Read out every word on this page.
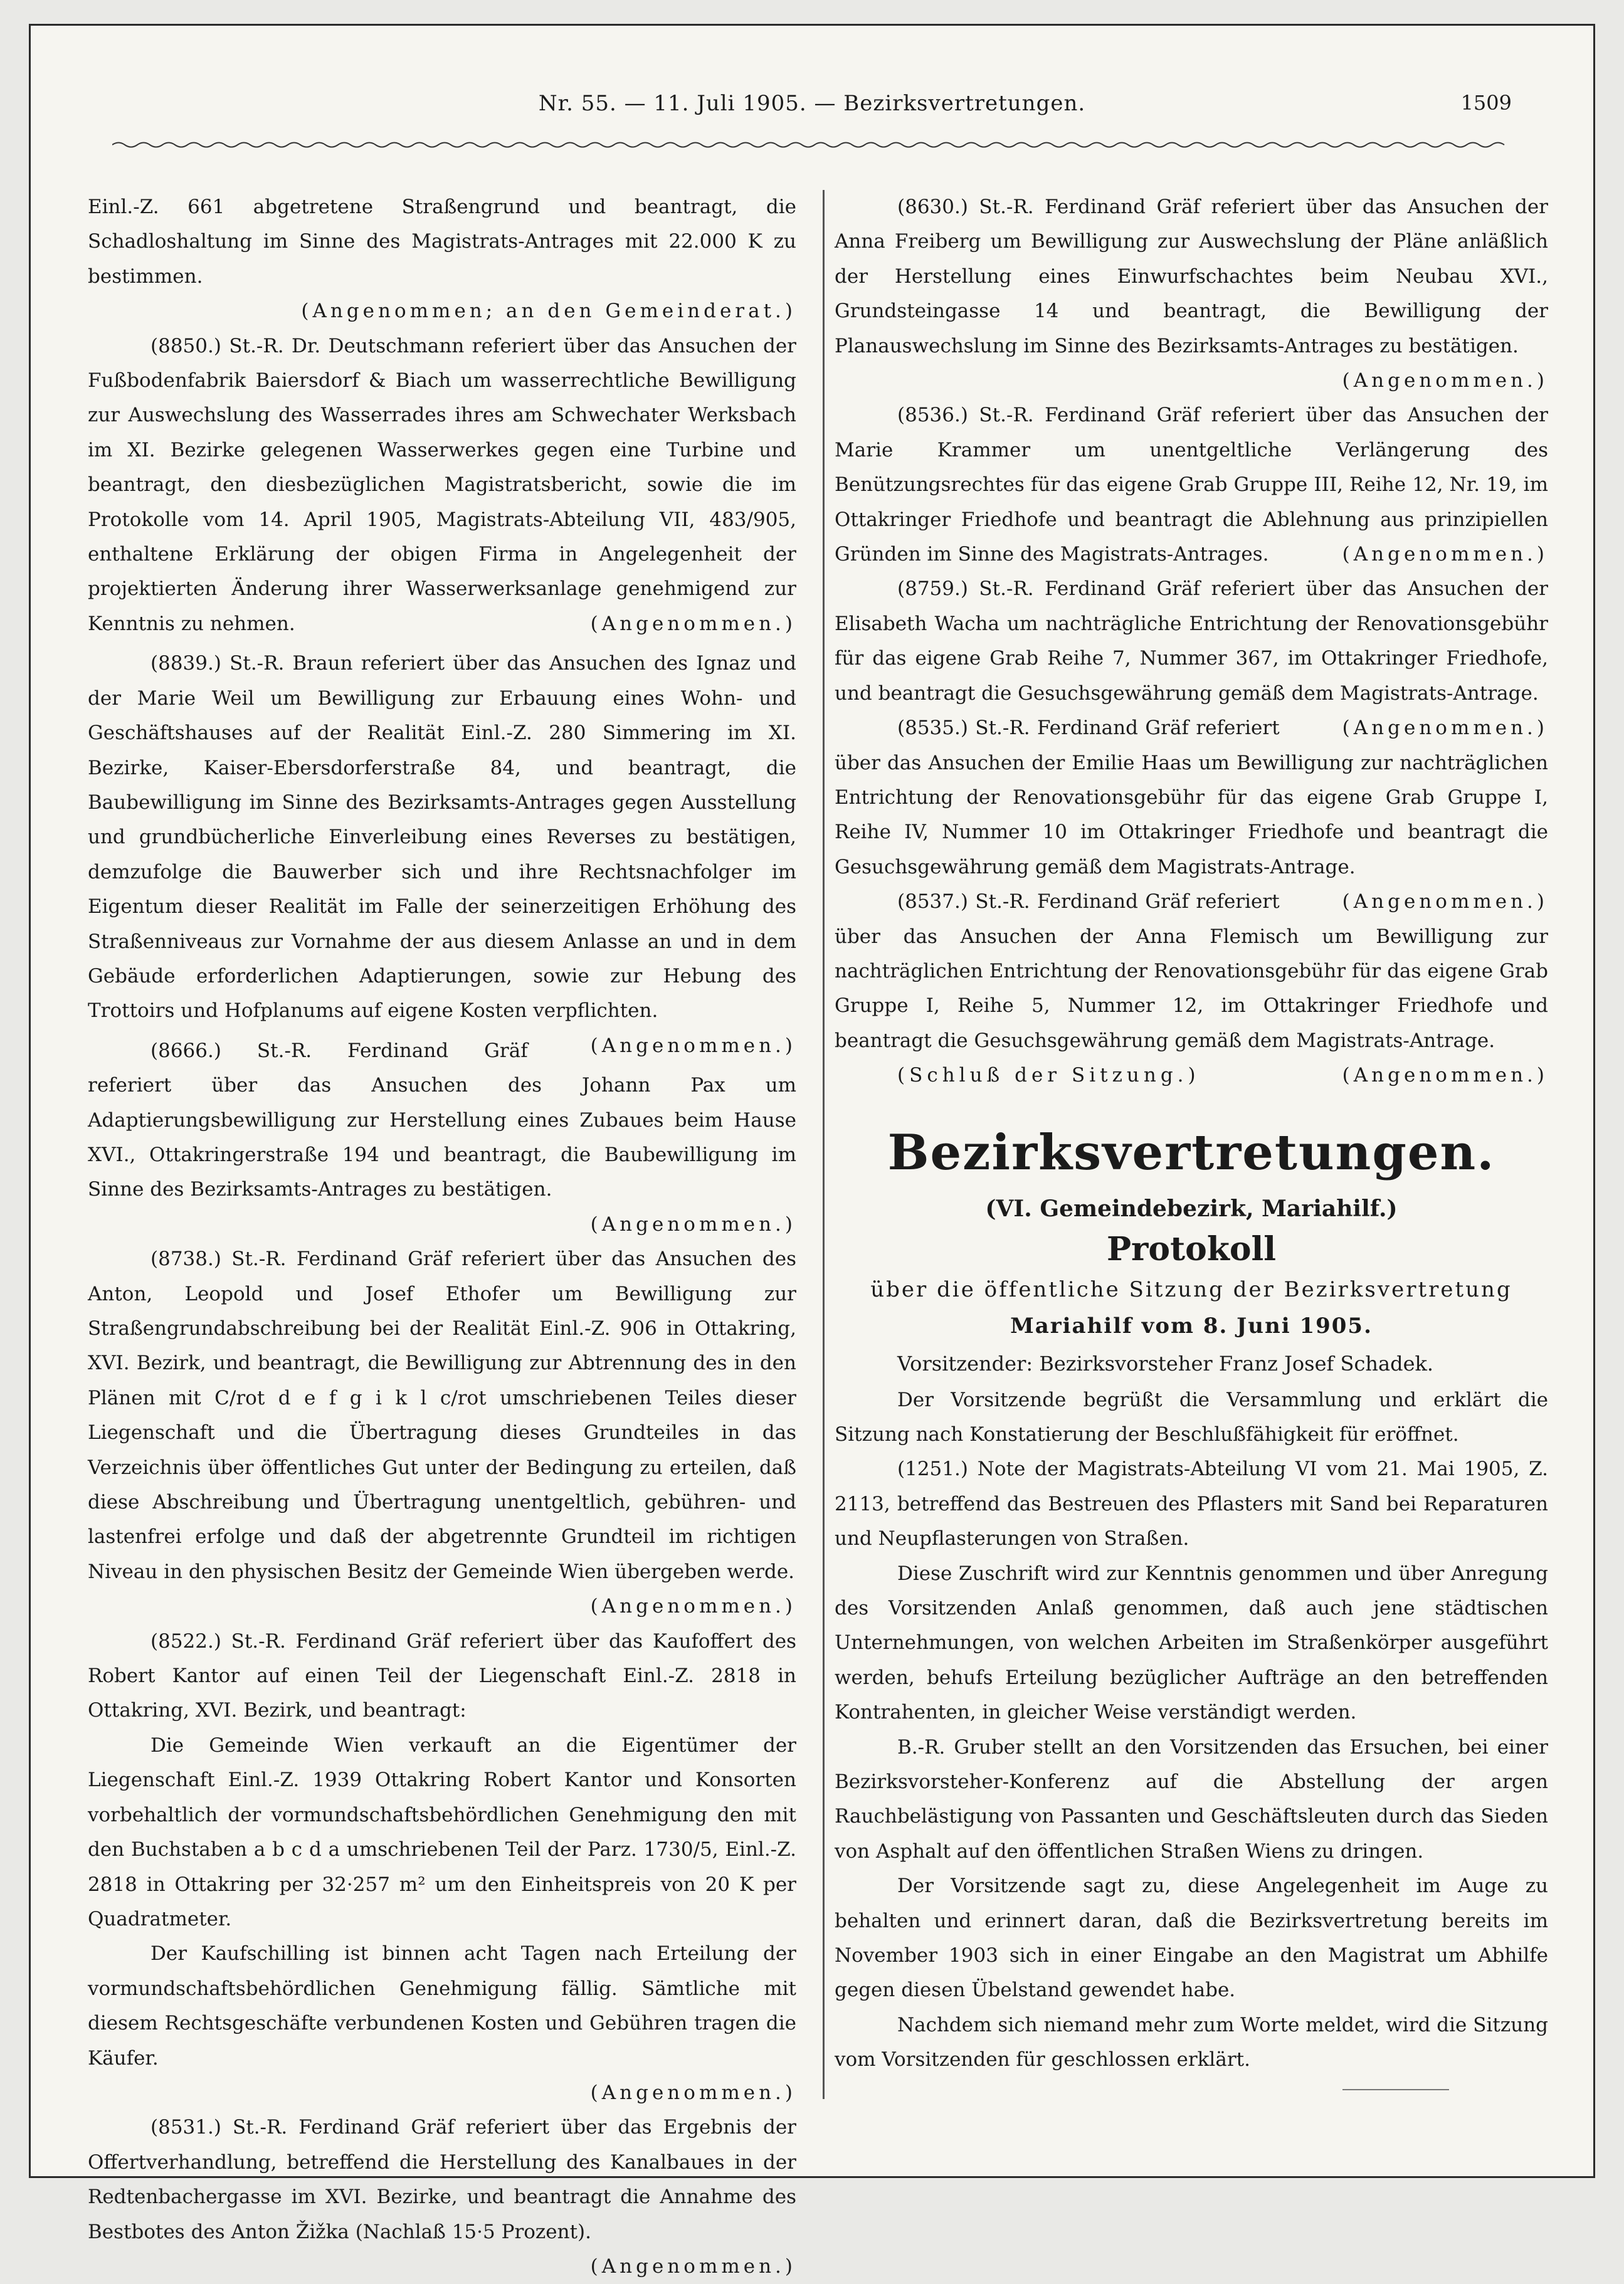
Nr. 55. — 11. Juli 1905. — Bezirksvertretungen.	1509

Einl.-Z. 661 abgetretene Straßengrund und beantragt, die Schadloshaltung im Sinne des Magistrats-Antrages mit 22.000 K zu bestimmen.

(Angenommen; an den Gemeinderat.)

(8850.) St.-R. Dr. Deutschmann referiert über das Ansuchen der Fußbodenfabrik Baiersdorf & Biach um wasserrechtliche Bewilligung zur Auswechslung des Wasserrades ihres am Schwechater Werksbach im XI. Bezirke gelegenen Wasserwerkes gegen eine Turbine und beantragt, den diesbezüglichen Magistratsbericht, sowie die im Protokolle vom 14. April 1905, Magistrats-Abteilung VII, 483/905, enthaltene Erklärung der obigen Firma in Angelegenheit der projektierten Änderung ihrer Wasserwerksanlage genehmigend zur Kenntnis zu nehmen.	(Angenommen.)

(8839.) St.-R. Braun referiert über das Ansuchen des Ignaz und der Marie Weil um Bewilligung zur Erbauung eines Wohn- und Geschäftshauses auf der Realität Einl.-Z. 280 Simmering im XI. Bezirke, Kaiser-Ebersdorferstraße 84, und beantragt, die Baubewilligung im Sinne des Bezirksamts-Antrages gegen Ausstellung und grundbücherliche Einverleibung eines Reverses zu bestätigen, demzufolge die Bauwerber sich und ihre Rechtsnachfolger im Eigentum dieser Realität im Falle der seinerzeitigen Erhöhung des Straßenniveaus zur Vornahme der aus diesem Anlasse an und in dem Gebäude erforderlichen Adaptierungen, sowie zur Hebung des Trottoirs und Hofplanums auf eigene Kosten verpflichten.
(Angenommen.)

(8666.) St.-R. Ferdinand Gräf referiert über das Ansuchen des Johann Pax um Adaptierungsbewilligung zur Herstellung eines Zubaues beim Hause XVI., Ottakringerstraße 194 und beantragt, die Baubewilligung im Sinne des Bezirksamts-Antrages zu bestätigen.

(Angenommen.)

(8738.) St.-R. Ferdinand Gräf referiert über das Ansuchen des Anton, Leopold und Josef Ethofer um Bewilligung zur Straßengrundabschreibung bei der Realität Einl.-Z. 906 in Ottakring, XVI. Bezirk, und beantragt, die Bewilligung zur Abtrennung des in den Plänen mit C/rot d e f g i k l c/rot umschriebenen Teiles dieser Liegenschaft und die Übertragung dieses Grundteiles in das Verzeichnis über öffentliches Gut unter der Bedingung zu erteilen, daß diese Abschreibung und Übertragung unentgeltlich, gebühren- und lastenfrei erfolge und daß der abgetrennte Grundteil im richtigen Niveau in den physischen Besitz der Gemeinde Wien übergeben werde.

(Angenommen.)

(8522.) St.-R. Ferdinand Gräf referiert über das Kaufoffert des Robert Kantor auf einen Teil der Liegenschaft Einl.-Z. 2818 in Ottakring, XVI. Bezirk, und beantragt:

Die Gemeinde Wien verkauft an die Eigentümer der Liegenschaft Einl.-Z. 1939 Ottakring Robert Kantor und Konsorten vorbehaltlich der vormundschaftsbehördlichen Genehmigung den mit den Buchstaben a b c d a umschriebenen Teil der Parz. 1730/5, Einl.-Z. 2818 in Ottakring per 32·257 m² um den Einheitspreis von 20 K per Quadratmeter.

Der Kaufschilling ist binnen acht Tagen nach Erteilung der vormundschaftsbehördlichen Genehmigung fällig. Sämtliche mit diesem Rechtsgeschäfte verbundenen Kosten und Gebühren tragen die Käufer.

(Angenommen.)

(8531.) St.-R. Ferdinand Gräf referiert über das Ergebnis der Offertverhandlung, betreffend die Herstellung des Kanalbaues in der Redtenbachergasse im XVI. Bezirke, und beantragt die Annahme des Bestbotes des Anton Žižka (Nachlaß 15·5 Prozent).

(Angenommen.)

(8630.) St.-R. Ferdinand Gräf referiert über das Ansuchen der Anna Freiberg um Bewilligung zur Auswechslung der Pläne anläßlich der Herstellung eines Einwurfschachtes beim Neubau XVI., Grundsteingasse 14 und beantragt, die Bewilligung der Planauswechslung im Sinne des Bezirksamts-Antrages zu bestätigen.

(Angenommen.)

(8536.) St.-R. Ferdinand Gräf referiert über das Ansuchen der Marie Krammer um unentgeltliche Verlängerung des Benützungsrechtes für das eigene Grab Gruppe III, Reihe 12, Nr. 19, im Ottakringer Friedhofe und beantragt die Ablehnung aus prinzipiellen Gründen im Sinne des Magistrats-Antrages.	(Angenommen.)

(8759.) St.-R. Ferdinand Gräf referiert über das Ansuchen der Elisabeth Wacha um nachträgliche Entrichtung der Renovationsgebühr für das eigene Grab Reihe 7, Nummer 367, im Ottakringer Friedhofe, und beantragt die Gesuchsgewährung gemäß dem Magistrats-Antrage.
(Angenommen.)

(8535.) St.-R. Ferdinand Gräf referiert über das Ansuchen der Emilie Haas um Bewilligung zur nachträglichen Entrichtung der Renovationsgebühr für das eigene Grab Gruppe I, Reihe IV, Nummer 10 im Ottakringer Friedhofe und beantragt die Gesuchsgewährung gemäß dem Magistrats-Antrage.
(Angenommen.)

(8537.) St.-R. Ferdinand Gräf referiert über das Ansuchen der Anna Flemisch um Bewilligung zur nachträglichen Entrichtung der Renovationsgebühr für das eigene Grab Gruppe I, Reihe 5, Nummer 12, im Ottakringer Friedhofe und beantragt die Gesuchsgewährung gemäß dem Magistrats-Antrage.
(Angenommen.)

(Schluß der Sitzung.)

Bezirksvertretungen.
(VI. Gemeindebezirk, Mariahilf.)
Protokoll
über die öffentliche Sitzung der Bezirksvertretung
Mariahilf vom 8. Juni 1905.

Vorsitzender: Bezirksvorsteher Franz Josef Schadek.

Der Vorsitzende begrüßt die Versammlung und erklärt die Sitzung nach Konstatierung der Beschlußfähigkeit für eröffnet.

(1251.) Note der Magistrats-Abteilung VI vom 21. Mai 1905, Z. 2113, betreffend das Bestreuen des Pflasters mit Sand bei Reparaturen und Neupflasterungen von Straßen.

Diese Zuschrift wird zur Kenntnis genommen und über Anregung des Vorsitzenden Anlaß genommen, daß auch jene städtischen Unternehmungen, von welchen Arbeiten im Straßenkörper ausgeführt werden, behufs Erteilung bezüglicher Aufträge an den betreffenden Kontrahenten, in gleicher Weise verständigt werden.

B.-R. Gruber stellt an den Vorsitzenden das Ersuchen, bei einer Bezirksvorsteher-Konferenz auf die Abstellung der argen Rauchbelästigung von Passanten und Geschäftsleuten durch das Sieden von Asphalt auf den öffentlichen Straßen Wiens zu dringen.

Der Vorsitzende sagt zu, diese Angelegenheit im Auge zu behalten und erinnert daran, daß die Bezirksvertretung bereits im November 1903 sich in einer Eingabe an den Magistrat um Abhilfe gegen diesen Übelstand gewendet habe.

Nachdem sich niemand mehr zum Worte meldet, wird die Sitzung vom Vorsitzenden für geschlossen erklärt.
